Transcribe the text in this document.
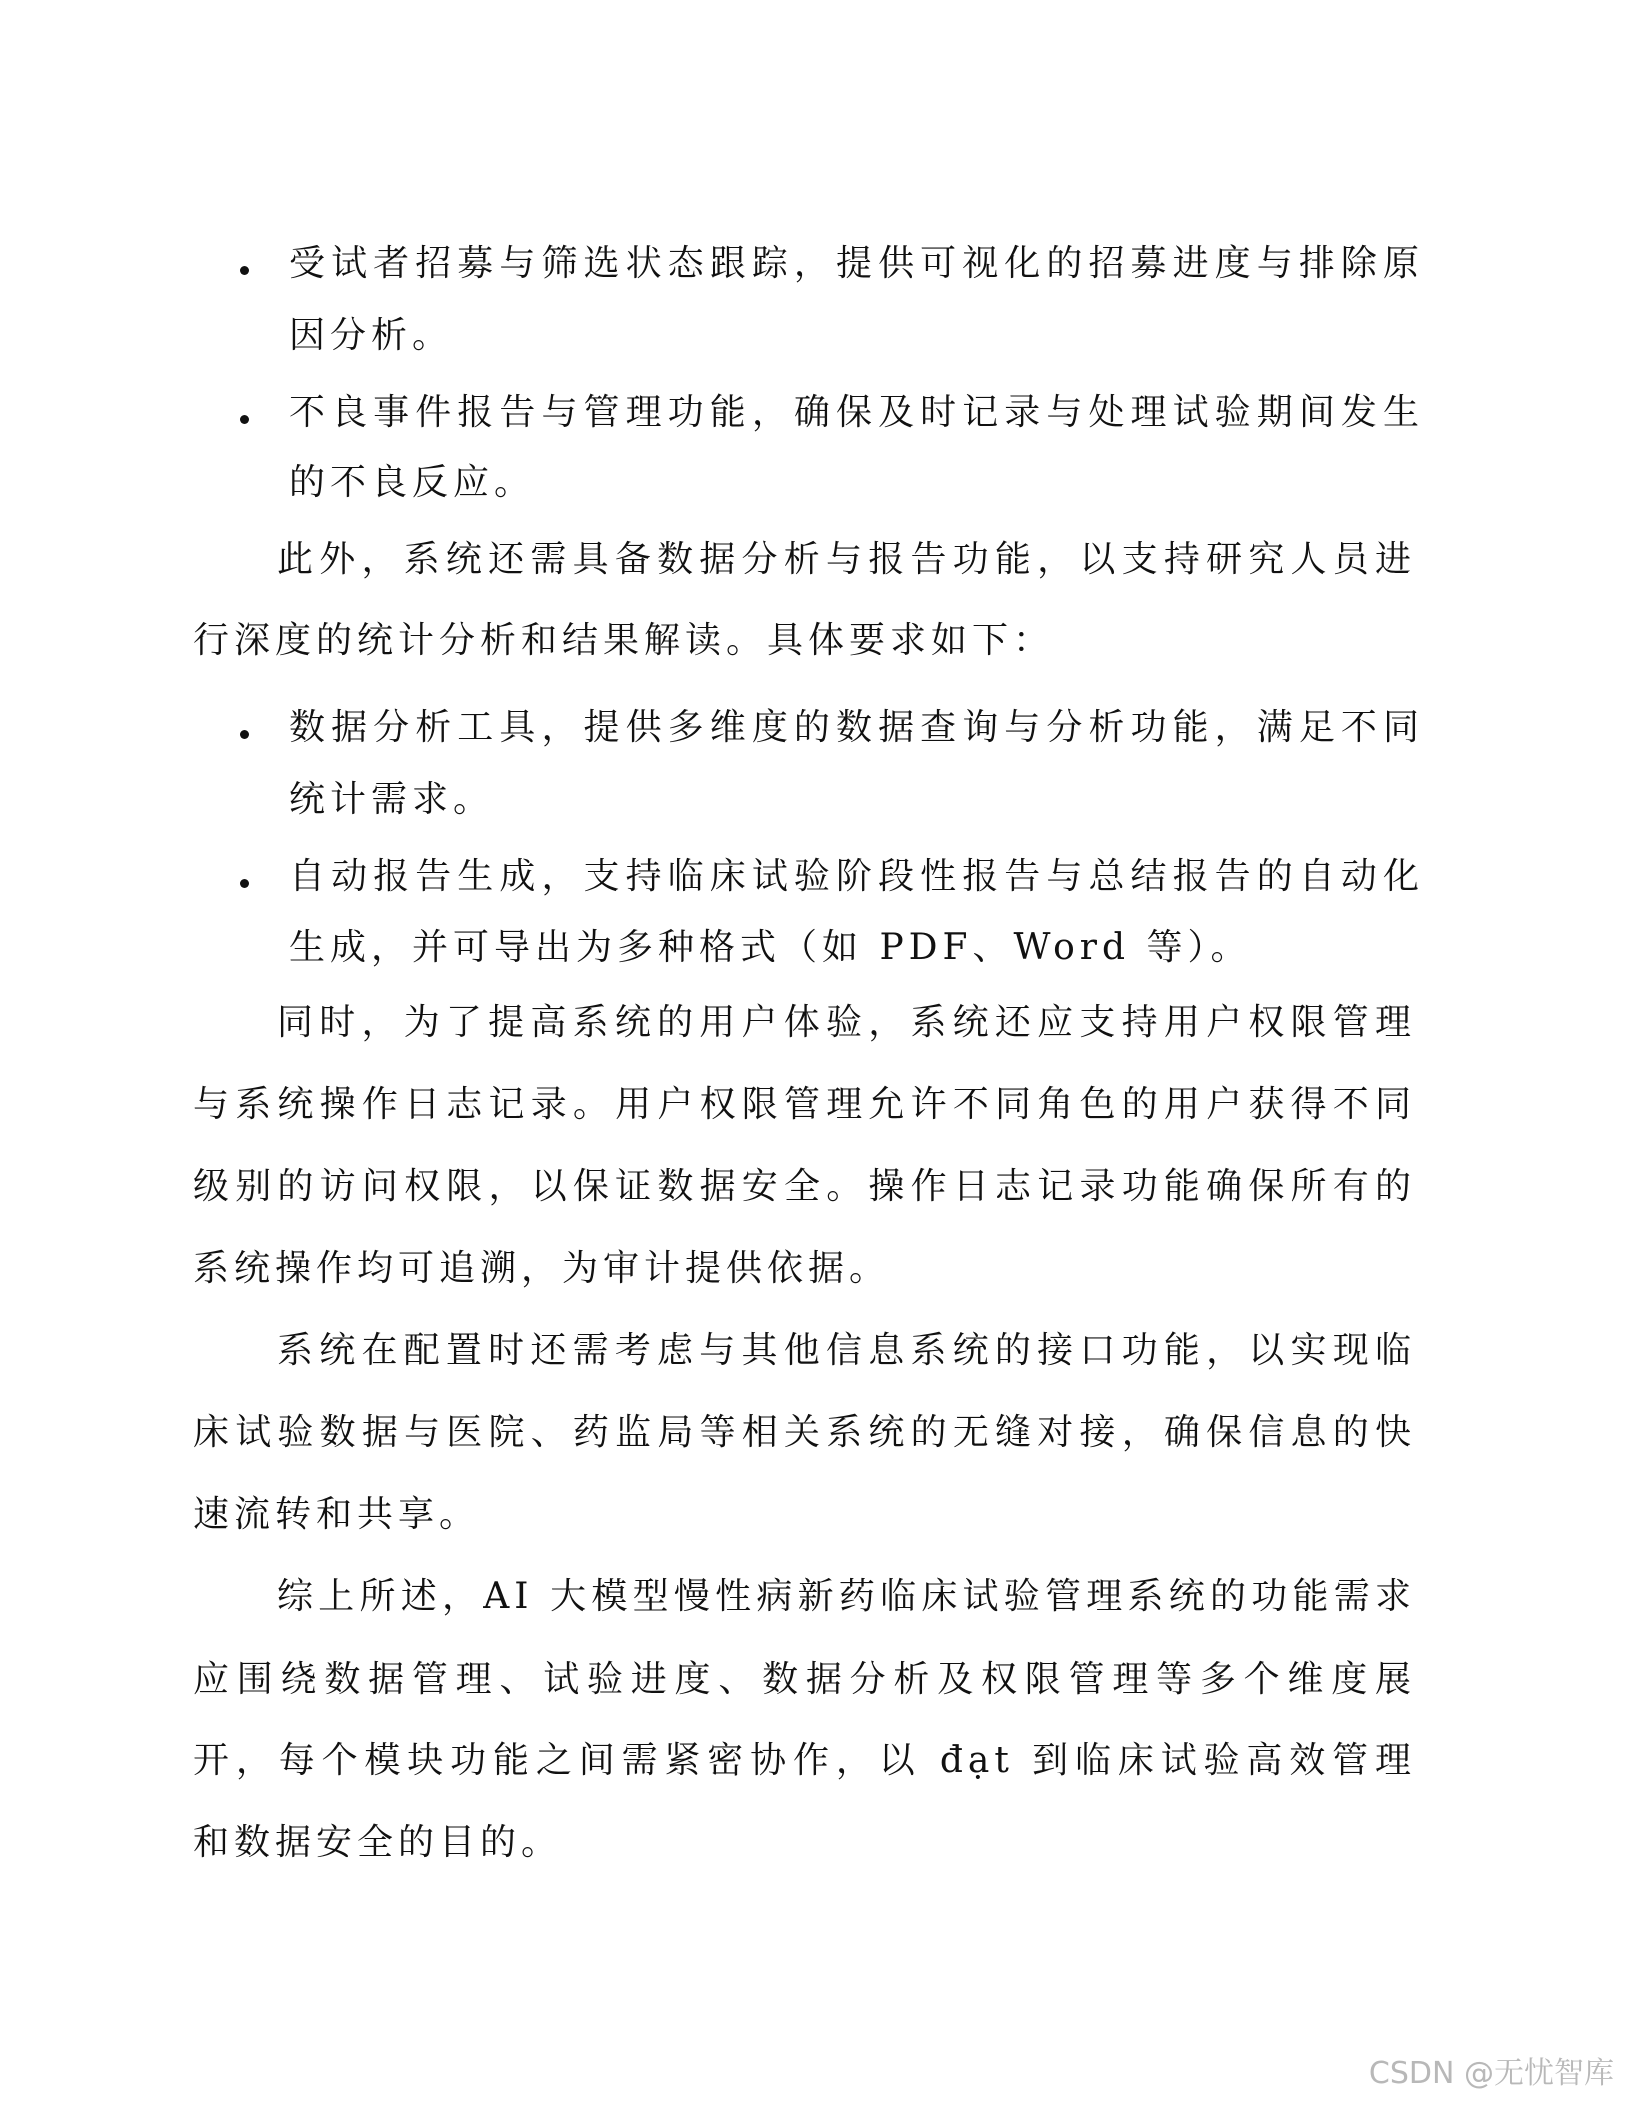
受试者招募与筛选状态跟踪，提供可视化的招募进度与排除原
因分析。
不良事件报告与管理功能，确保及时记录与处理试验期间发生
的不良反应。
此外，系统还需具备数据分析与报告功能，以支持研究人员进
行深度的统计分析和结果解读。具体要求如下：
数据分析工具，提供多维度的数据查询与分析功能，满足不同
统计需求。
自动报告生成，支持临床试验阶段性报告与总结报告的自动化
生成，并可导出为多种格式（如 PDF、Word 等）。
同时，为了提高系统的用户体验，系统还应支持用户权限管理
与系统操作日志记录。用户权限管理允许不同角色的用户获得不同
级别的访问权限，以保证数据安全。操作日志记录功能确保所有的
系统操作均可追溯，为审计提供依据。
系统在配置时还需考虑与其他信息系统的接口功能，以实现临
床试验数据与医院、药监局等相关系统的无缝对接，确保信息的快
速流转和共享。
综上所述，AI 大模型慢性病新药临床试验管理系统的功能需求
应围绕数据管理、试验进度、数据分析及权限管理等多个维度展
开，每个模块功能之间需紧密协作，以 đạt 到临床试验高效管理
和数据安全的目的。
CSDN @无忧智库
